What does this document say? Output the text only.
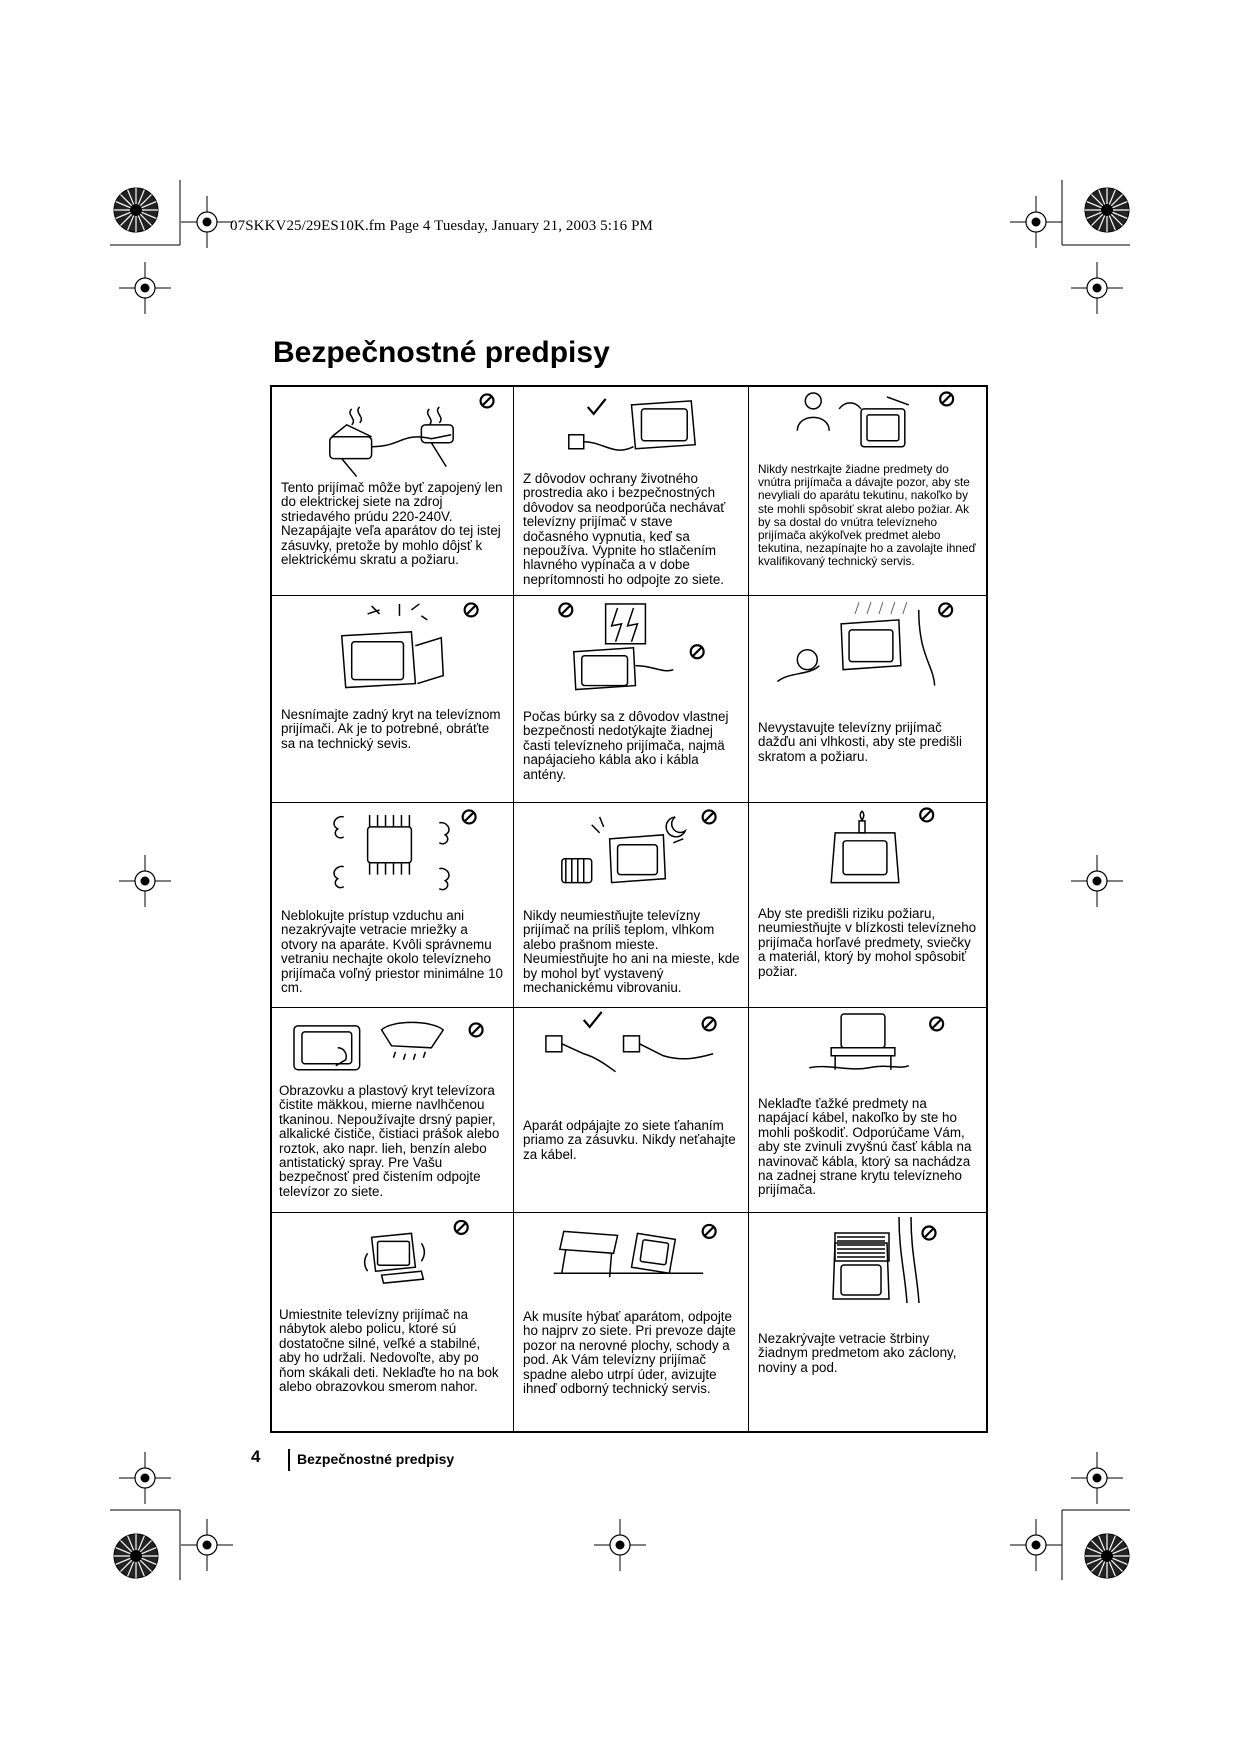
07SKKV25/29ES10K.fm Page 4 Tuesday, January 21, 2003 5:16 PM
Bezpečnostné predpisy

Tento prijímač môže byť zapojený len do elektrickej siete na zdroj striedavého prúdu 220-240V. Nezapájajte veľa aparátov do tej istej zásuvky, pretože by mohlo dôjsť k elektrickému skratu a požiaru.

Z dôvodov ochrany životného prostredia ako i bezpečnostných dôvodov sa neodporúča nechávať televízny prijímač v stave dočasného vypnutia, keď sa nepoužíva. Vypnite ho stlačením hlavného vypínača a v dobe neprítomnosti ho odpojte zo siete.

Nikdy nestrkajte žiadne predmety do vnútra prijímača a dávajte pozor, aby ste nevyliali do aparátu tekutinu, nakoľko by ste mohli spôsobiť skrat alebo požiar. Ak by sa dostal do vnútra televízneho prijímača akýkoľvek predmet alebo tekutina, nezapínajte ho a zavolajte ihneď kvalifikovaný technický servis.

Nesnímajte zadný kryt na televíznom prijímači. Ak je to potrebné, obráťte sa na technický sevis.

Počas búrky sa z dôvodov vlastnej bezpečnosti nedotýkajte žiadnej časti televízneho prijímača, najmä napájacieho kábla ako i kábla antény.

Nevystavujte televízny prijímač dažďu ani vlhkosti, aby ste predišli skratom a požiaru.

Neblokujte prístup vzduchu ani nezakrývajte vetracie mriežky a otvory na aparáte. Kvôli správnemu vetraniu nechajte okolo televízneho prijímača voľný priestor minimálne 10 cm.

Nikdy neumiestňujte televízny prijímač na príliš teplom, vlhkom alebo prašnom mieste. Neumiestňujte ho ani na mieste, kde by mohol byť vystavený mechanickému vibrovaniu.

Aby ste predišli riziku požiaru, neumiestňujte v blízkosti televízneho prijímača horľavé predmety, sviečky a materiál, ktorý by mohol spôsobiť požiar.

Obrazovku a plastový kryt televízora čistite mäkkou, mierne navlhčenou tkaninou. Nepoužívajte drsný papier, alkalické čističe, čistiaci prášok alebo roztok, ako napr. lieh, benzín alebo antistatický spray. Pre Vašu bezpečnosť pred čistením odpojte televízor zo siete.

Aparát odpájajte zo siete ťahaním priamo za zásuvku. Nikdy neťahajte za kábel.

Neklaďte ťažké predmety na napájací kábel, nakoľko by ste ho mohli poškodiť. Odporúčame Vám, aby ste zvinuli zvyšnú časť kábla na navinovač kábla, ktorý sa nachádza na zadnej strane krytu televízneho prijímača.

Umiestnite televízny prijímač na nábytok alebo policu, ktoré sú dostatočne silné, veľké a stabilné, aby ho udržali. Nedovoľte, aby po ňom skákali deti. Neklaďte ho na bok alebo obrazovkou smerom nahor.

Ak musíte hýbať aparátom, odpojte ho najprv zo siete. Pri prevoze dajte pozor na nerovné plochy, schody a pod. Ak Vám televízny prijímač spadne alebo utrpí úder, avizujte ihneď odborný technický servis.

Nezakrývajte vetracie štrbiny žiadnym predmetom ako záclony, noviny a pod.

4	Bezpečnostné predpisy
